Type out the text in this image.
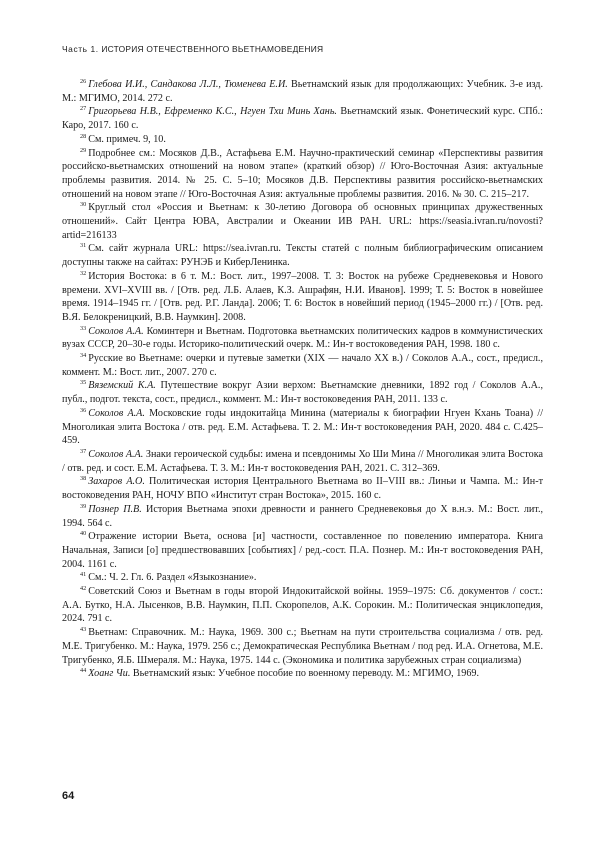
Часть 1. ИСТОРИЯ ОТЕЧЕСТВЕННОГО ВЬЕТНАМОВЕДЕНИЯ

$^{26}$ Глебова И.И., Сандакова Л.Л., Тюменева Е.И. Вьетнамский язык для продолжающих: Учебник. 3-е изд. М.: МГИМО, 2014. 272 с.

$^{27}$ Григорьева Н.В., Ефременко К.С., Нгуен Тхи Минь Хань. Вьетнамский язык. Фонетический курс. СПб.: Каро, 2017. 160 с.

$^{28}$ См. примеч. 9, 10.

$^{29}$ Подробнее см.: Мосяков Д.В., Астафьева Е.М. Научно-практический семинар «Перспективы развития российско-вьетнамских отношений на новом этапе» (краткий обзор) // Юго-Восточная Азия: актуальные проблемы развития. 2014. № 25. С. 5–10; Мосяков Д.В. Перспективы развития российско-вьетнамских отношений на новом этапе // Юго-Восточная Азия: актуальные проблемы развития. 2016. № 30. С. 215–217.

$^{30}$ Круглый стол «Россия и Вьетнам: к 30-летию Договора об основных принципах дружественных отношений». Сайт Центра ЮВА, Австралии и Океании ИВ РАН. URL: https://seasia.ivran.ru/novosti?artid=216133

$^{31}$ См. сайт журнала URL: https://sea.ivran.ru. Тексты статей с полным библиографическим описанием доступны также на сайтах: РУНЭБ и КиберЛенинка.

$^{32}$ История Востока: в 6 т. М.: Вост. лит., 1997–2008. Т. 3: Восток на рубеже Средневековья и Нового времени. XVI–XVIII вв. / [Отв. ред. Л.Б. Алаев, К.З. Ашрафян, Н.И. Иванов]. 1999; Т. 5: Восток в новейшее время. 1914–1945 гг. / [Отв. ред. Р.Г. Ланда]. 2006; Т. 6: Восток в новейший период (1945–2000 гг.) / [Отв. ред. В.Я. Белокреницкий, В.В. Наумкин]. 2008.

$^{33}$ Соколов А.А. Коминтерн и Вьетнам. Подготовка вьетнамских политических кадров в коммунистических вузах СССР, 20–30-е годы. Историко-политический очерк. М.: Ин-т востоковедения РАН, 1998. 180 с.

$^{34}$ Русские во Вьетнаме: очерки и путевые заметки (XIX — начало XX в.) / Соколов А.А., сост., предисл., коммент. М.: Вост. лит., 2007. 270 с.

$^{35}$ Вяземский К.А. Путешествие вокруг Азии верхом: Вьетнамские дневники, 1892 год / Соколов А.А., публ., подгот. текста, сост., предисл., коммент. М.: Ин-т востоковедения РАН, 2011. 133 с.

$^{36}$ Соколов А.А. Московские годы индокитайца Минина (материалы к биографии Нгуен Кхань Тоана) // Многоликая элита Востока / отв. ред. Е.М. Астафьева. Т. 2. М.: Ин-т востоковедения РАН, 2020. 484 с. С.425–459.

$^{37}$ Соколов А.А. Знаки героической судьбы: имена и псевдонимы Хо Ши Мина // Многоликая элита Востока / отв. ред. и сост. Е.М. Астафьева. Т. 3. М.: Ин-т востоковедения РАН, 2021. С. 312–369.

$^{38}$ Захаров А.О. Политическая история Центрального Вьетнама во II–VIII вв.: Линьи и Чампа. М.: Ин-т востоковедения РАН, НОЧУ ВПО «Институт стран Востока», 2015. 160 с.

$^{39}$ Познер П.В. История Вьетнама эпохи древности и раннего Средневековья до X в.н.э. М.: Вост. лит., 1994. 564 с.

$^{40}$ Отражение истории Вьета, основа [и] частности, составленное по повелению императора. Книга Начальная, Записи [о] предшествовавших [событиях] / ред.-сост. П.А. Познер. М.: Ин-т востоковедения РАН, 2004. 1161 с.

$^{41}$ См.: Ч. 2. Гл. 6. Раздел «Языкознание».

$^{42}$ Советский Союз и Вьетнам в годы второй Индокитайской войны. 1959–1975: Сб. документов / сост.: А.А. Бутко, Н.А. Лысенков, В.В. Наумкин, П.П. Скоропелов, А.К. Сорокин. М.: Политическая энциклопедия, 2024. 791 с.

$^{43}$ Вьетнам: Справочник. М.: Наука, 1969. 300 с.; Вьетнам на пути строительства социализма / отв. ред. М.Е. Тригубенко. М.: Наука, 1979. 256 с.; Демократическая Республика Вьетнам / под ред. И.А. Огнетова, М.Е. Тригубенко, Я.Б. Шмераля. М.: Наука, 1975. 144 с. (Экономика и политика зарубежных стран социализма)

$^{44}$ Хоанг Чи. Вьетнамский язык: Учебное пособие по военному переводу. М.: МГИМО, 1969.

64
